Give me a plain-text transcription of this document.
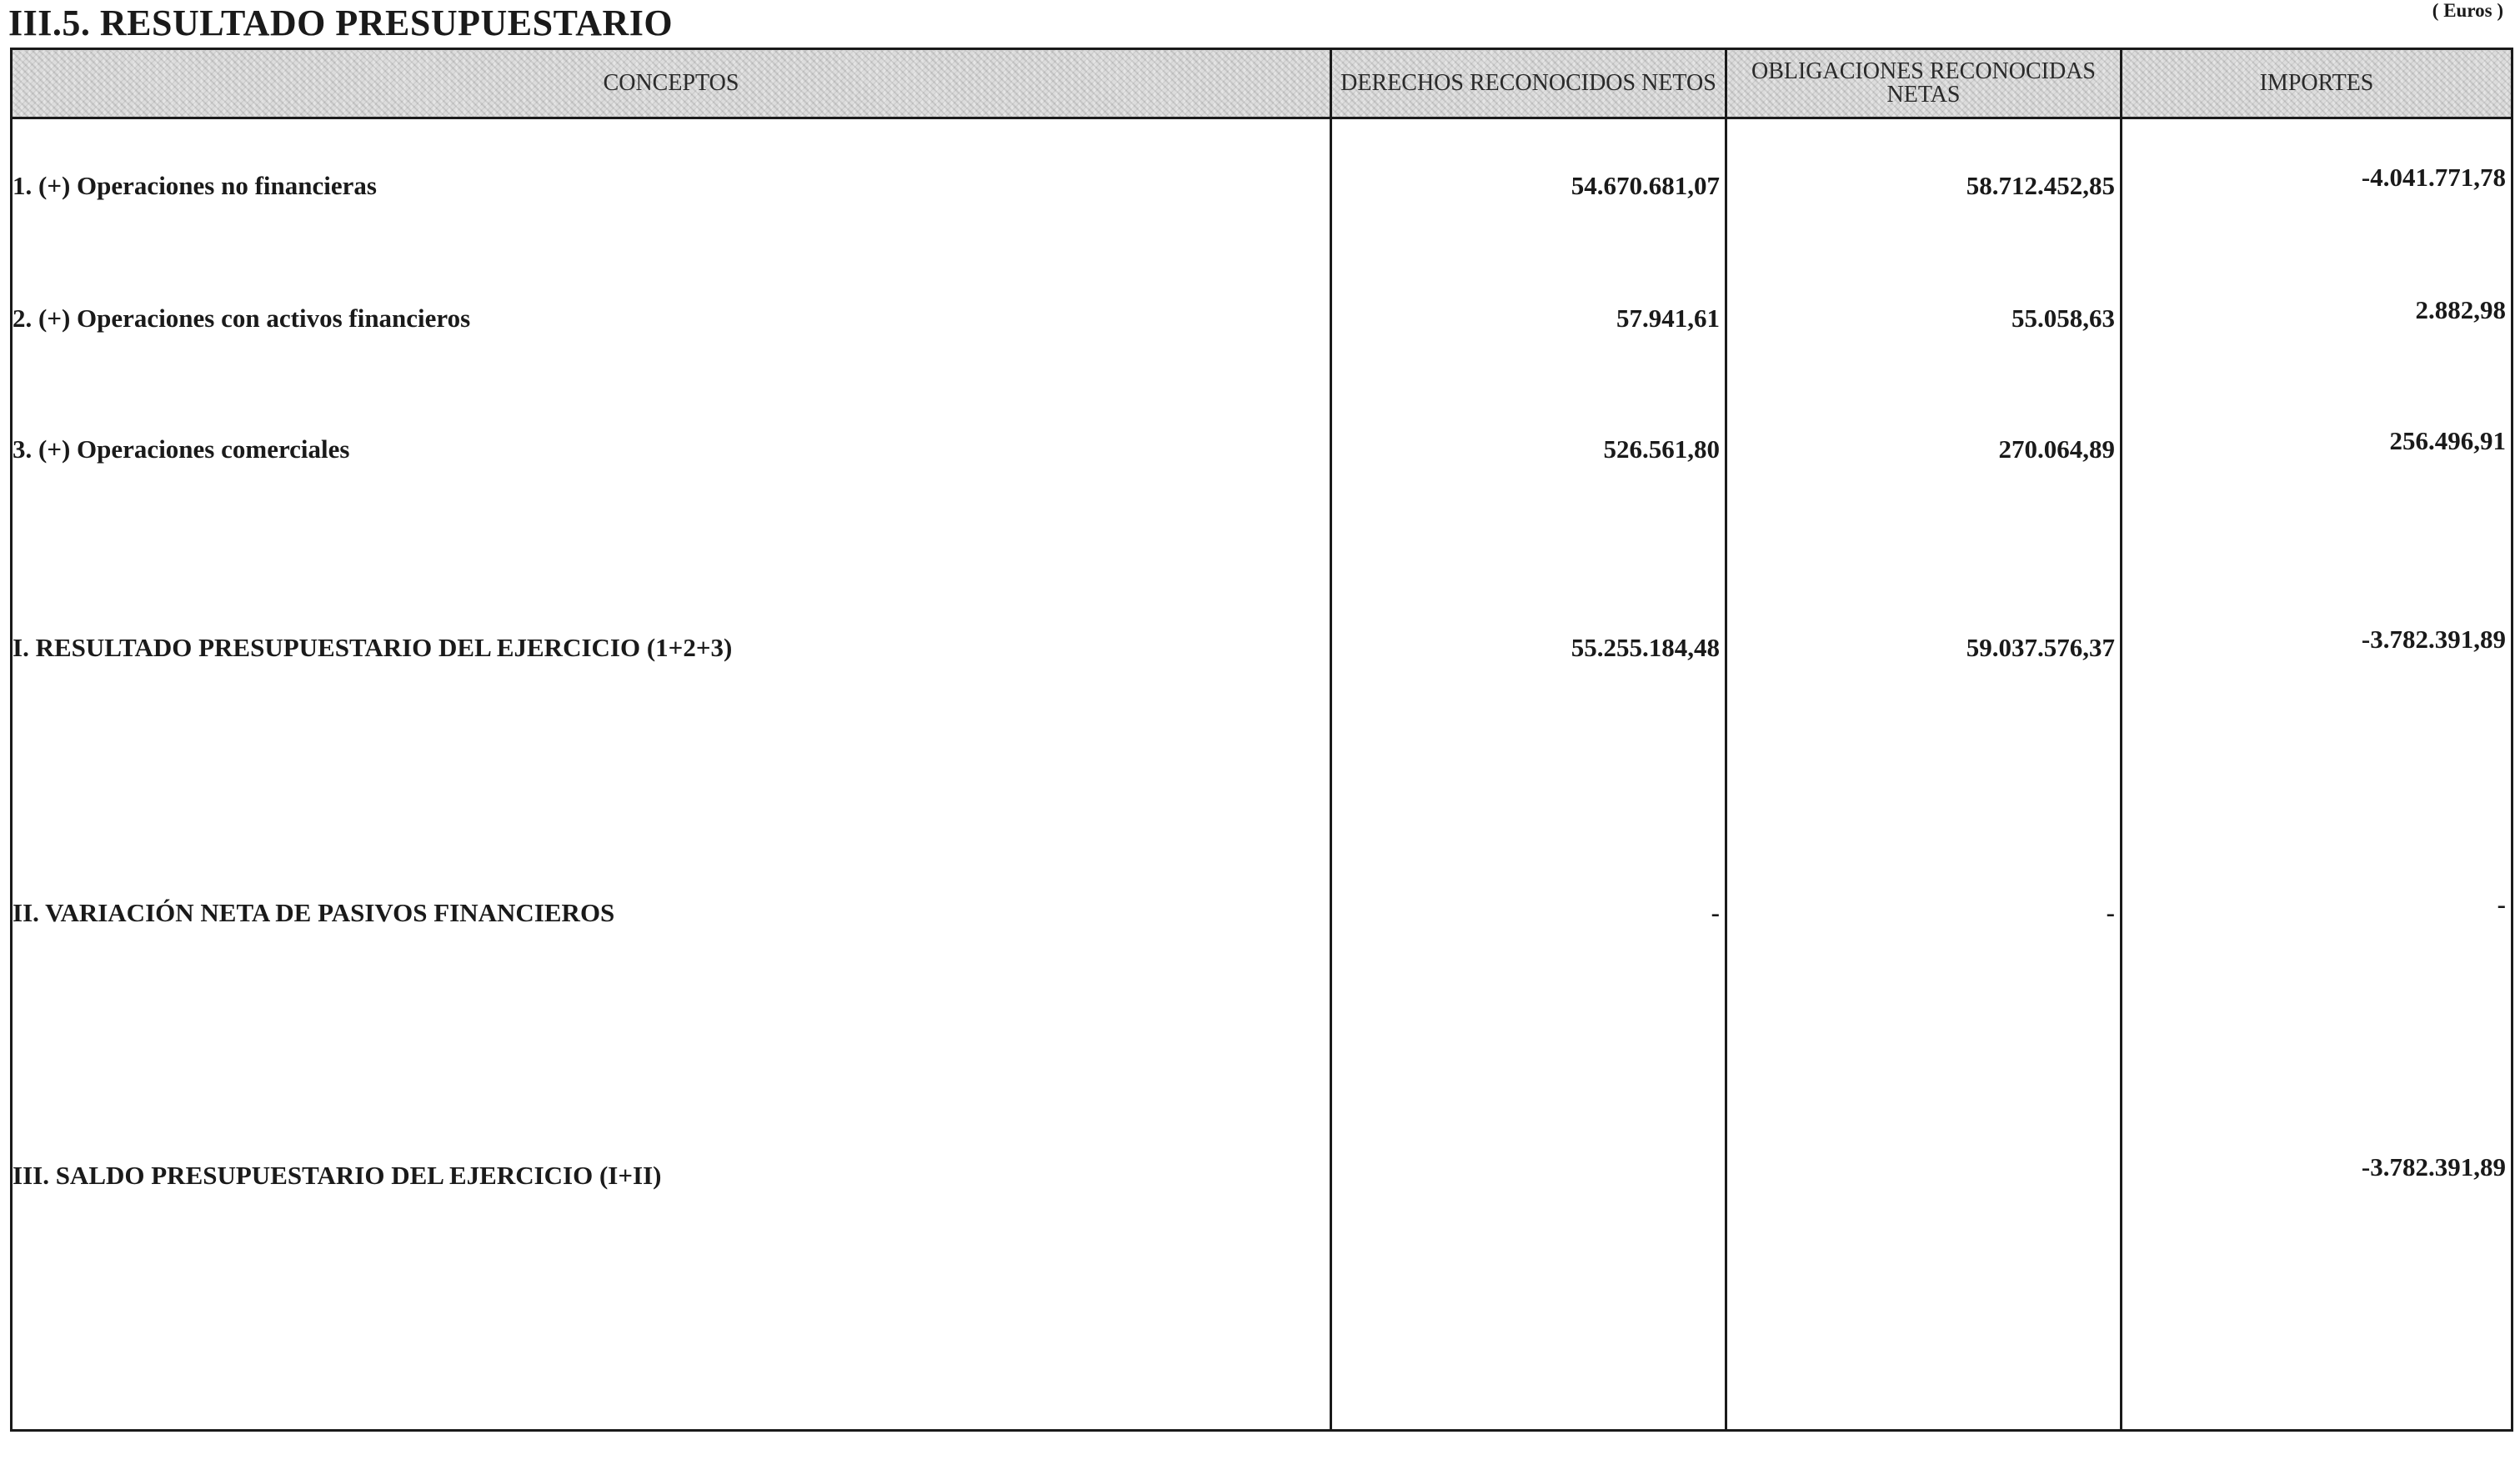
III.5. RESULTADO PRESUPUESTARIO	( Euros )
CONCEPTOS	DERECHOS RECONOCIDOS NETOS	OBLIGACIONES RECONOCIDAS NETAS	IMPORTES
1. (+) Operaciones no financieras	54.670.681,07	58.712.452,85	-4.041.771,78
2. (+) Operaciones con activos financieros	57.941,61	55.058,63	2.882,98
3. (+) Operaciones comerciales	526.561,80	270.064,89	256.496,91
I. RESULTADO PRESUPUESTARIO DEL EJERCICIO (1+2+3)	55.255.184,48	59.037.576,37	-3.782.391,89
II. VARIACIÓN NETA DE PASIVOS FINANCIEROS	-	-	-
III. SALDO PRESUPUESTARIO DEL EJERCICIO (I+II)			-3.782.391,89
